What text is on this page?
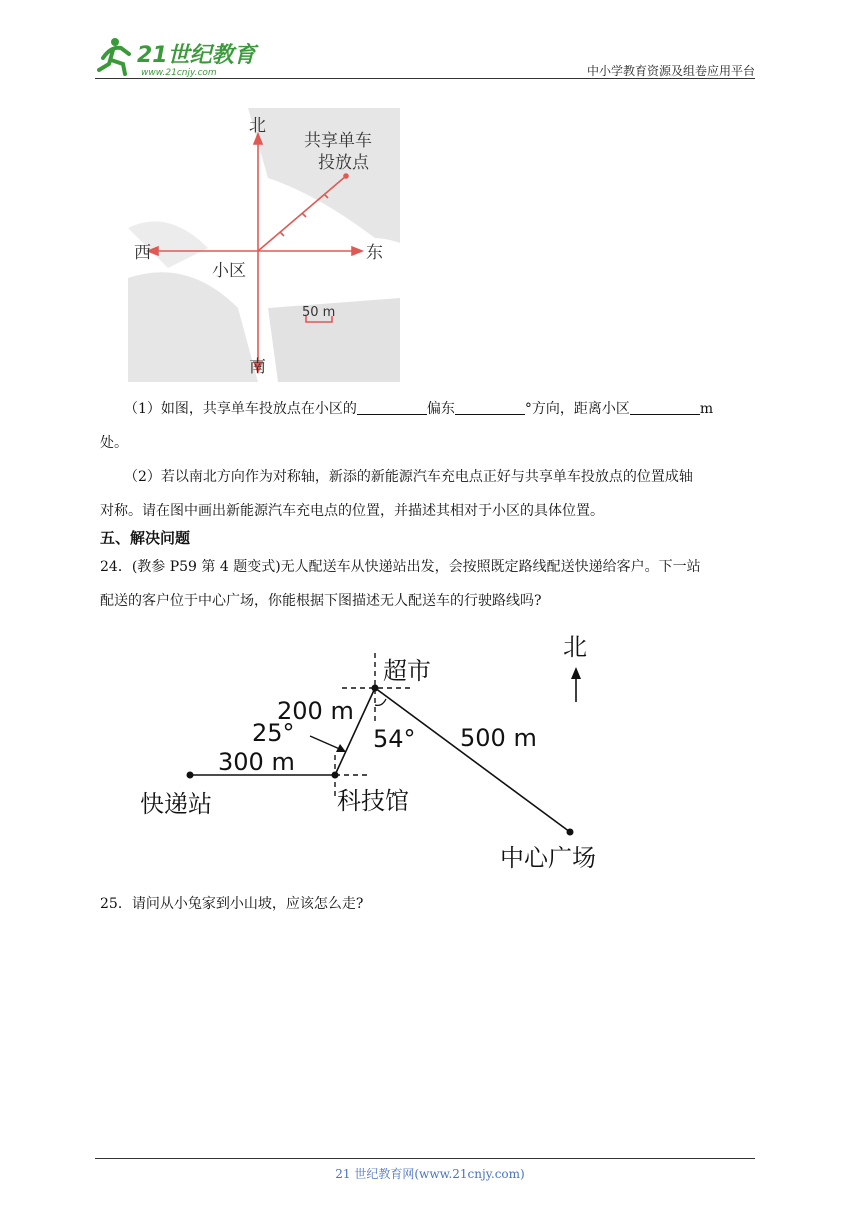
21世纪教育
www.21cnjy.com	中小学教育资源及组卷应用平台
北
南
东
西
小区
共享单车
投放点
50 m
（1）如图，共享单车投放点在小区的	偏东	°方向，距离小区	m
处。
（2）若以南北方向作为对称轴，新添的新能源汽车充电点正好与共享单车投放点的位置成轴
对称。请在图中画出新能源汽车充电点的位置，并描述其相对于小区的具体位置。
五、解决问题
24．(教参 P59 第 4 题变式)无人配送车从快递站出发，会按照既定路线配送快递给客户。下一站
配送的客户位于中心广场，你能根据下图描述无人配送车的行驶路线吗?
快递站	科技馆
超市
中心广场
北
300 m
200 m
500 m
25°	54°
25．请问从小兔家到小山坡，应该怎么走?
21 世纪教育网(www.21cnjy.com)
